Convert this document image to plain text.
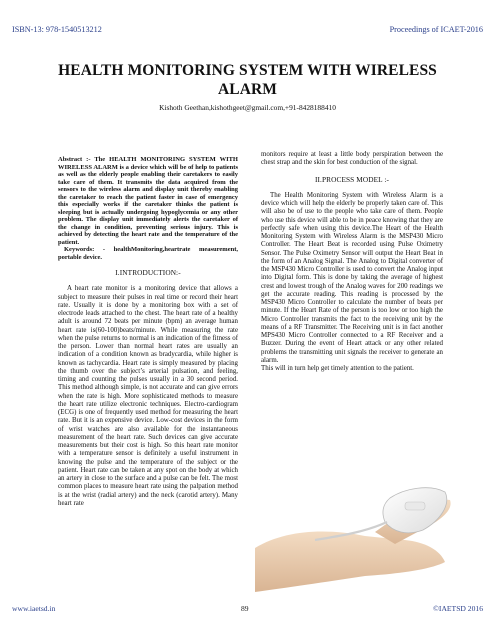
ISBN-13: 978-1540513212	Proceedings of ICAET-2016
HEALTH MONITORING SYSTEM WITH WIRELESS ALARM
Kishoth Geethan,kishothgeet@gmail.com,+91-8428188410

Abstract :- The HEALTH MONITORING SYSTEM WITH WIRELESS ALARM is a device which will be of help to patients as well as the elderly people enabling their caretakers to easily take care of them. It transmits the data acquired from the sensors to the wireless alarm and display unit thereby enabling the caretaker to reach the patient faster in case of emergency this especially works if the caretaker thinks the patient is sleeping but is actually undergoing hypoglycemia or any other problem. The display unit immediately alerts the caretaker of the change in condition, preventing serious injury. This is achieved by detecting the heart rate and the temperature of the patient.

Keywords: - healthMonitoring,heartrate measurement, portable device.

I.INTRODUCTION:-

A heart rate monitor is a monitoring device that allows a subject to measure their pulses in real time or record their heart rate. Usually it is done by a monitoring box with a set of electrode leads attached to the chest. The heart rate of a healthy adult is around 72 beats per minute (bpm) an average human heart rate is(60-100)beats/minute. While measuring the rate when the pulse returns to normal is an indication of the fitness of the person. Lower than normal heart rates are usually an indication of a condition known as bradycardia, while higher is known as tachycardia. Heart rate is simply measured by placing the thumb over the subject’s arterial pulsation, and feeling, timing and counting the pulses usually in a 30 second period. This method although simple, is not accurate and can give errors when the rate is high. More sophisticated methods to measure the heart rate utilize electronic techniques. Electro-cardiogram (ECG) is one of frequently used method for measuring the heart rate. But it is an expensive device. Low-cost devices in the form of wrist watches are also available for the instantaneous measurement of the heart rate. Such devices can give accurate measurements but their cost is high. So this heart rate monitor with a temperature sensor is definitely a useful instrument in knowing the pulse and the temperature of the subject or the patient. Heart rate can be taken at any spot on the body at which an artery in close to the surface and a pulse can be felt. The most common places to measure heart rate using the palpation method is at the wrist (radial artery) and the neck (carotid artery). Many heart rate

monitors require at least a little body perspiration between the chest strap and the skin for best conduction of the signal.

II.PROCESS MODEL :-

The Health Monitoring System with Wireless Alarm is a device which will help the elderly be properly taken care of. This will also be of use to the people who take care of them. People who use this device will able to be in peace knowing that they are perfectly safe when using this device.The Heart of the Health Monitoring System with Wireless Alarm is the MSP430 Micro Controller. The Heart Beat is recorded using Pulse Oximetry Sensor. The Pulse Oximetry Sensor will output the Heart Beat in the form of an Analog Signal. The Analog to Digital converter of the MSP430 Micro Controller is used to convert the Analog input into Digital form. This is done by taking the average of highest crest and lowest trough of the Analog waves for 200 readings we get the accurate reading. This reading is processed by the MSP430 Micro Controller to calculate the number of beats per minute. If the Heart Rate of the person is too low or too high the Micro Controller transmits the fact to the receiving unit by the means of a RF Transmitter. The Receiving unit is in fact another MPS430 Micro Controller connected to a RF Receiver and a Buzzer. During the event of Heart attack or any other related problems the transmitting unit signals the receiver to generate an alarm.

This will in turn help get timely attention to the patient.

www.iaetsd.in	89	©IAETSD 2016
